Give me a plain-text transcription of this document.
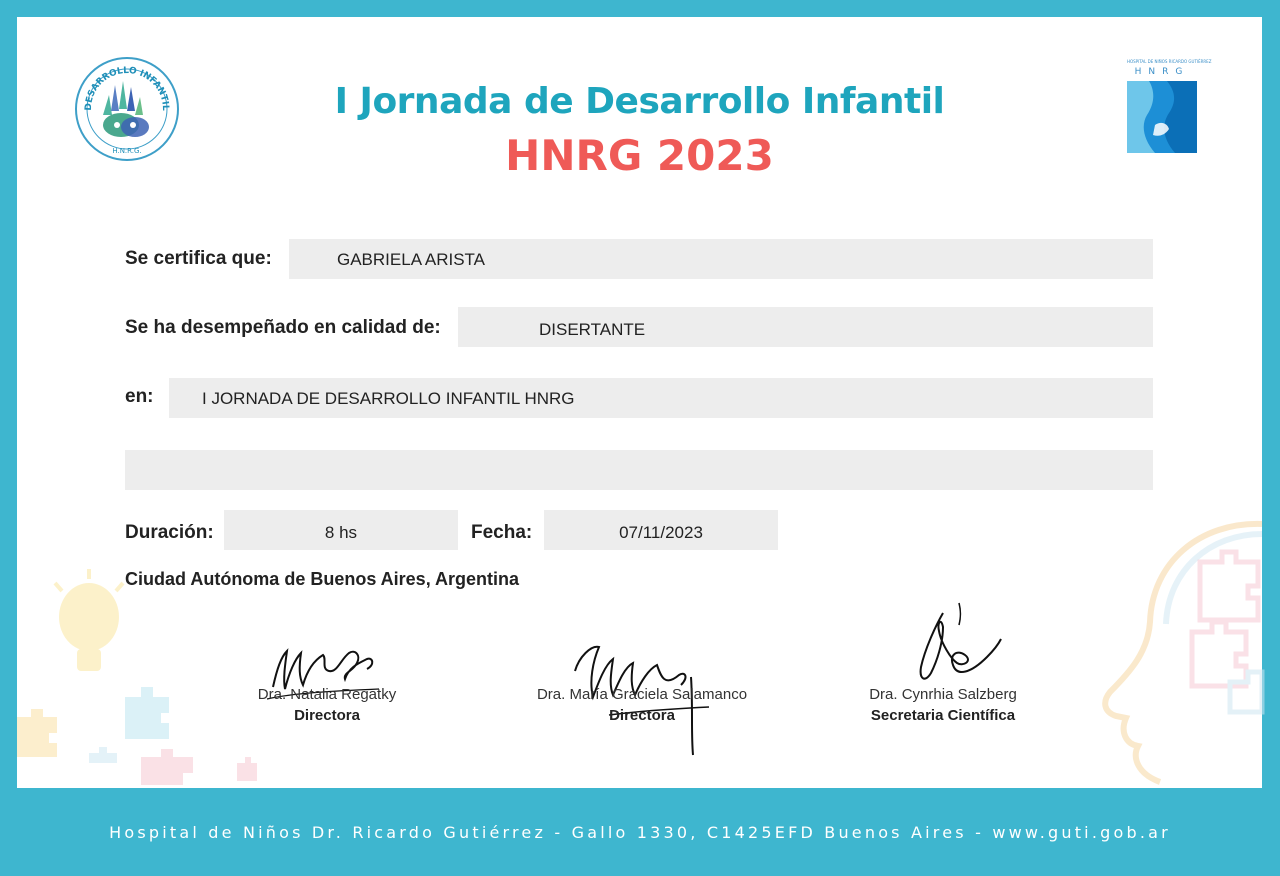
DESARROLLO INFANTIL
H.N.R.G.
HOSPITAL DE NIÑOS RICARDO GUTIÉRREZ
HNRG
I Jornada de Desarrollo Infantil
HNRG 2023
Se certifica que:	GABRIELA ARISTA
Se ha desempeñado en calidad de:	DISERTANTE
en:	I JORNADA DE DESARROLLO INFANTIL HNRG
Duración:	8 hs	Fecha:	07/11/2023
Ciudad Autónoma de Buenos Aires, Argentina
Dra. Natalia Regatky
Directora
Dra. María Graciela Salamanco
Directora
Dra. Cynrhia Salzberg
Secretaria Científica
Hospital de Niños Dr. Ricardo Gutiérrez - Gallo 1330, C1425EFD Buenos Aires - www.guti.gob.ar
